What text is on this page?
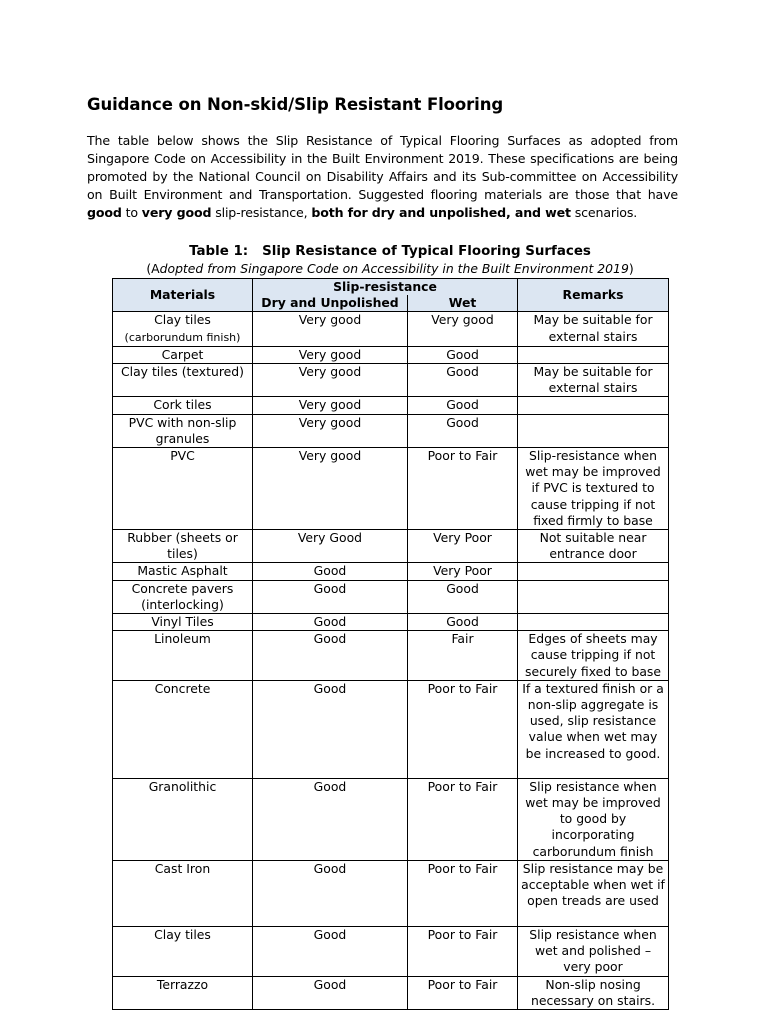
Guidance on Non-skid/Slip Resistant Flooring

The table below shows the Slip Resistance of Typical Flooring Surfaces as adopted from Singapore Code on Accessibility in the Built Environment 2019. These specifications are being promoted by the National Council on Disability Affairs and its Sub-committee on Accessibility on Built Environment and Transportation. Suggested flooring materials are those that have good to very good slip-resistance, both for dry and unpolished, and wet scenarios.

Table 1: Slip Resistance of Typical Flooring Surfaces

(Adopted from Singapore Code on Accessibility in the Built Environment 2019)

Materials	Slip-resistance		Remarks
	Dry and Unpolished	Wet	
Clay tiles
(carborundum finish)	Very good	Very good	May be suitable for external stairs
Carpet	Very good	Good	
Clay tiles (textured)	Very good	Good	May be suitable for external stairs
Cork tiles	Very good	Good	
PVC with non-slip granules	Very good	Good	
PVC	Very good	Poor to Fair	Slip-resistance when wet may be improved if PVC is textured to cause tripping if not fixed firmly to base
Rubber (sheets or tiles)	Very Good	Very Poor	Not suitable near entrance door
Mastic Asphalt	Good	Very Poor	
Concrete pavers (interlocking)	Good	Good	
Vinyl Tiles	Good	Good	
Linoleum	Good	Fair	Edges of sheets may cause tripping if not securely fixed to base
Concrete	Good	Poor to Fair	If a textured finish or a non-slip aggregate is used, slip resistance value when wet may be increased to good.
Granolithic	Good	Poor to Fair	Slip resistance when wet may be improved to good by incorporating carborundum finish
Cast Iron	Good	Poor to Fair	Slip resistance may be acceptable when wet if open treads are used
Clay tiles	Good	Poor to Fair	Slip resistance when wet and polished – very poor
Terrazzo	Good	Poor to Fair	Non-slip nosing necessary on stairs.
